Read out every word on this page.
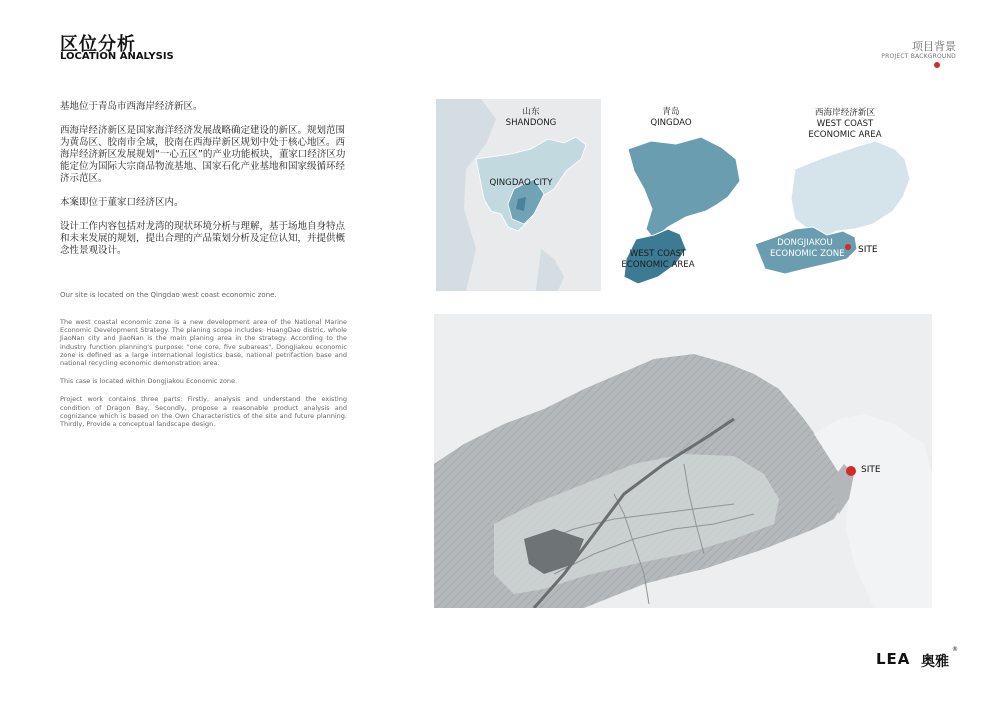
区位分析
LOCATION ANALYSIS
项目背景
PROJECT BACKGROUND

基地位于青岛市西海岸经济新区。

西海岸经济新区是国家海洋经济发展战略确定建设的新区。规划范围为黄岛区、胶南市全域，胶南在西海岸新区规划中处于核心地区。西海岸经济新区发展规划“一心五区”的产业功能板块，董家口经济区功能定位为国际大宗商品物流基地、国家石化产业基地和国家级循环经济示范区。

本案即位于董家口经济区内。

设计工作内容包括对龙湾的现状环境分析与理解，基于场地自身特点和未来发展的规划，提出合理的产品策划分析及定位认知，并提供概念性景观设计。

Our site is located on the Qingdao west coast economic zone.

The west coastal economic zone is a new development area of the National Marine Economic Development Strategy. The planing scope includes: HuangDao distric, whole JiaoNan city and JiaoNan is the main planing area in the strategy. According to the industry function planning's purpose: "one core, five subareas", DongJiakou economic zone is defined as a large international logistics base, national petrifaction base and national recycling economic demonstration area.

This case is located within Dongjiakou Economic zone.

Project work contains three parts: Firstly, analysis and understand the existing condition of Dragon Bay, Secondly, propose a reasonable product analysis and cognizance which is based on the Own Characteristics of the site and future planning. Thirdly, Provide a conceptual landscape design.

山东
SHANDONG
QINGDAO CITY
青岛
QINGDAO
WEST COAST
ECONOMIC AREA
西海岸经济新区
WEST COAST
ECONOMIC AREA
DONGJIAKOU
ECONOMIC ZONE SITE
SITE
LEA 奥雅
®
